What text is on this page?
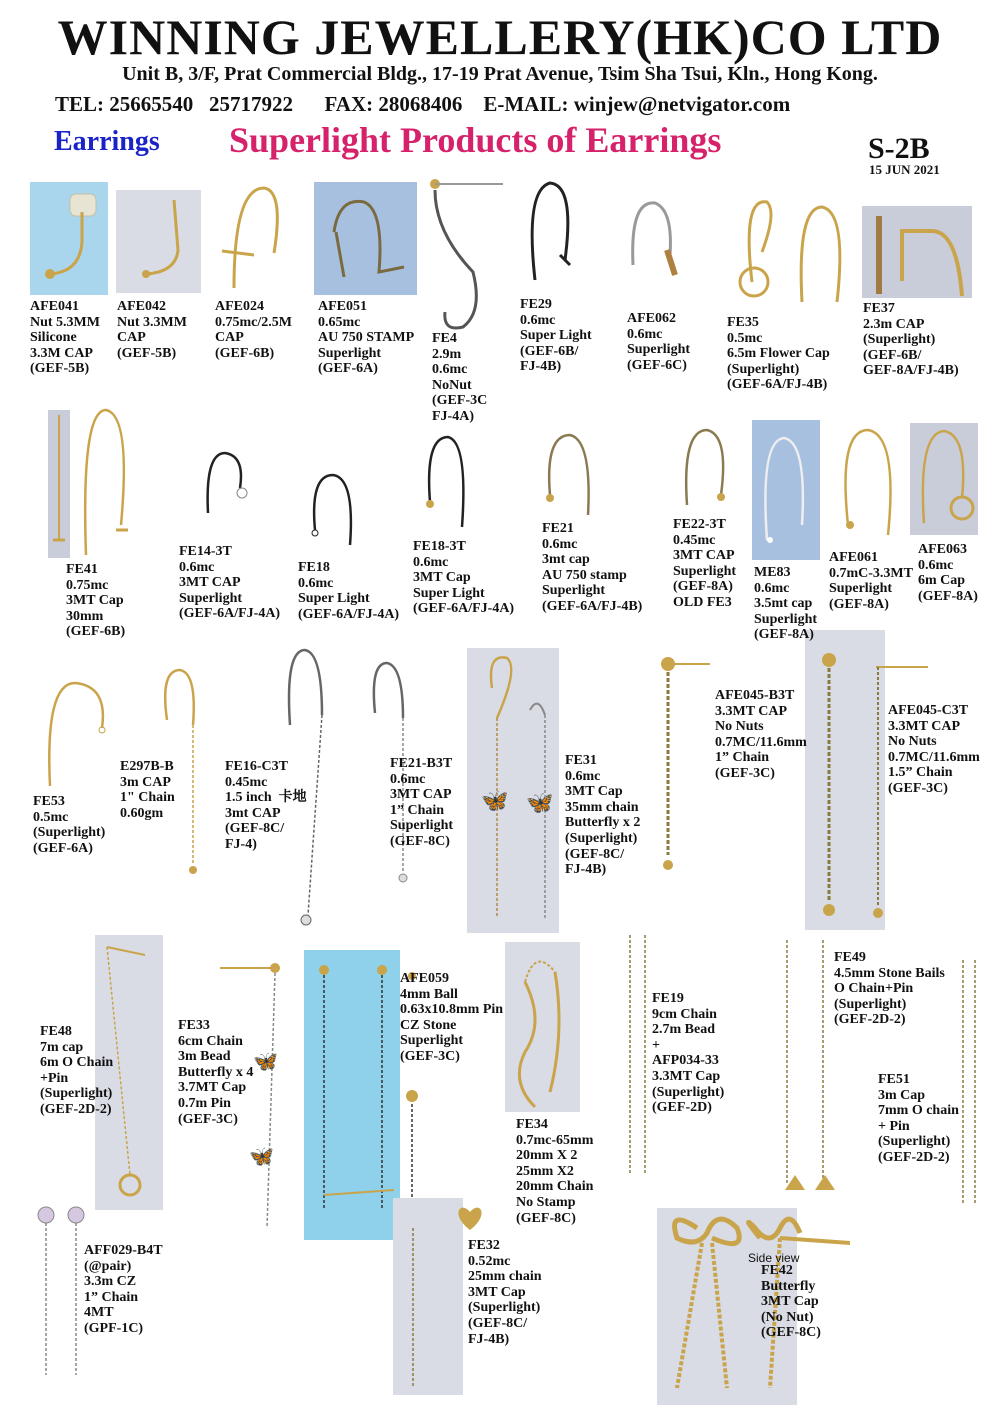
WINNING JEWELLERY(HK)CO LTD
Unit B, 3/F, Prat Commercial Bldg., 17-19 Prat Avenue, Tsim Sha Tsui, Kln., Hong Kong.
TEL: 25665540   25717922      FAX: 28068406    E-MAIL: winjew@netvigator.com
Earrings Superlight Products of Earrings	S-2B
15 JUN 2021
🦋 🦋
🦋
🦋
Side view
AFE041
Nut 5.3MM
Silicone
3.3M CAP
(GEF-5B)
AFE042
Nut 3.3MM
CAP
(GEF-5B)
AFE024
0.75mc/2.5M
CAP
(GEF-6B)
AFE051
0.65mc
AU 750 STAMP
Superlight
(GEF-6A)
FE4
2.9m
0.6mc
NoNut
(GEF-3C
FJ-4A)
FE29
0.6mc
Super Light
(GEF-6B/
FJ-4B)
AFE062
0.6mc
Superlight
(GEF-6C)
FE35
0.5mc
6.5m Flower Cap
(Superlight)
(GEF-6A/FJ-4B)
FE37
2.3m CAP
(Superlight)
(GEF-6B/
GEF-8A/FJ-4B)
FE41
0.75mc
3MT Cap
30mm
(GEF-6B)
FE14-3T
0.6mc
3MT CAP
Superlight
(GEF-6A/FJ-4A)
FE18
0.6mc
Super Light
(GEF-6A/FJ-4A)
FE18-3T
0.6mc
3MT Cap
Super Light
(GEF-6A/FJ-4A)
FE21
0.6mc
3mt cap
AU 750 stamp
Superlight
(GEF-6A/FJ-4B)
FE22-3T
0.45mc
3MT CAP
Superlight
(GEF-8A)
OLD FE3
ME83
0.6mc
3.5mt cap
Superlight
(GEF-8A)
AFE061
0.7mC-3.3MT
Superlight
(GEF-8A)
AFE063
0.6mc
6m Cap
(GEF-8A)
FE53
0.5mc
(Superlight)
(GEF-6A)
E297B-B
3m CAP
1" Chain
0.60gm
FE16-C3T
0.45mc
1.5 inch  卡地
3mt CAP
(GEF-8C/
FJ-4)
FE21-B3T
0.6mc
3MT CAP
1” Chain
Superlight
(GEF-8C)
FE31
0.6mc
3MT Cap
35mm chain
Butterfly x 2
(Superlight)
(GEF-8C/
FJ-4B)
AFE045-B3T
3.3MT CAP
No Nuts
0.7MC/11.6mm
1” Chain
(GEF-3C)
AFE045-C3T
3.3MT CAP
No Nuts
0.7MC/11.6mm
1.5” Chain
(GEF-3C)
FE48
7m cap
6m O Chain
+Pin
(Superlight)
(GEF-2D-2)
FE33
6cm Chain
3m Bead
Butterfly x 4
3.7MT Cap
0.7m Pin
(GEF-3C)
AFE059
4mm Ball
0.63x10.8mm Pin
CZ Stone
Superlight
(GEF-3C)
FE34
0.7mc-65mm
20mm X 2
25mm X2
20mm Chain
No Stamp
(GEF-8C)
FE19
9cm Chain
2.7m Bead
+
AFP034-33
3.3MT Cap
(Superlight)
(GEF-2D)
FE49
4.5mm Stone Bails
O Chain+Pin
(Superlight)
(GEF-2D-2)
FE51
3m Cap
7mm O chain
+ Pin
(Superlight)
(GEF-2D-2)
AFF029-B4T
(@pair)
3.3m CZ
1” Chain
4MT
(GPF-1C)
FE32
0.52mc
25mm chain
3MT Cap
(Superlight)
(GEF-8C/
FJ-4B)
FE42
Butterfly
3MT Cap
(No Nut)
(GEF-8C)
